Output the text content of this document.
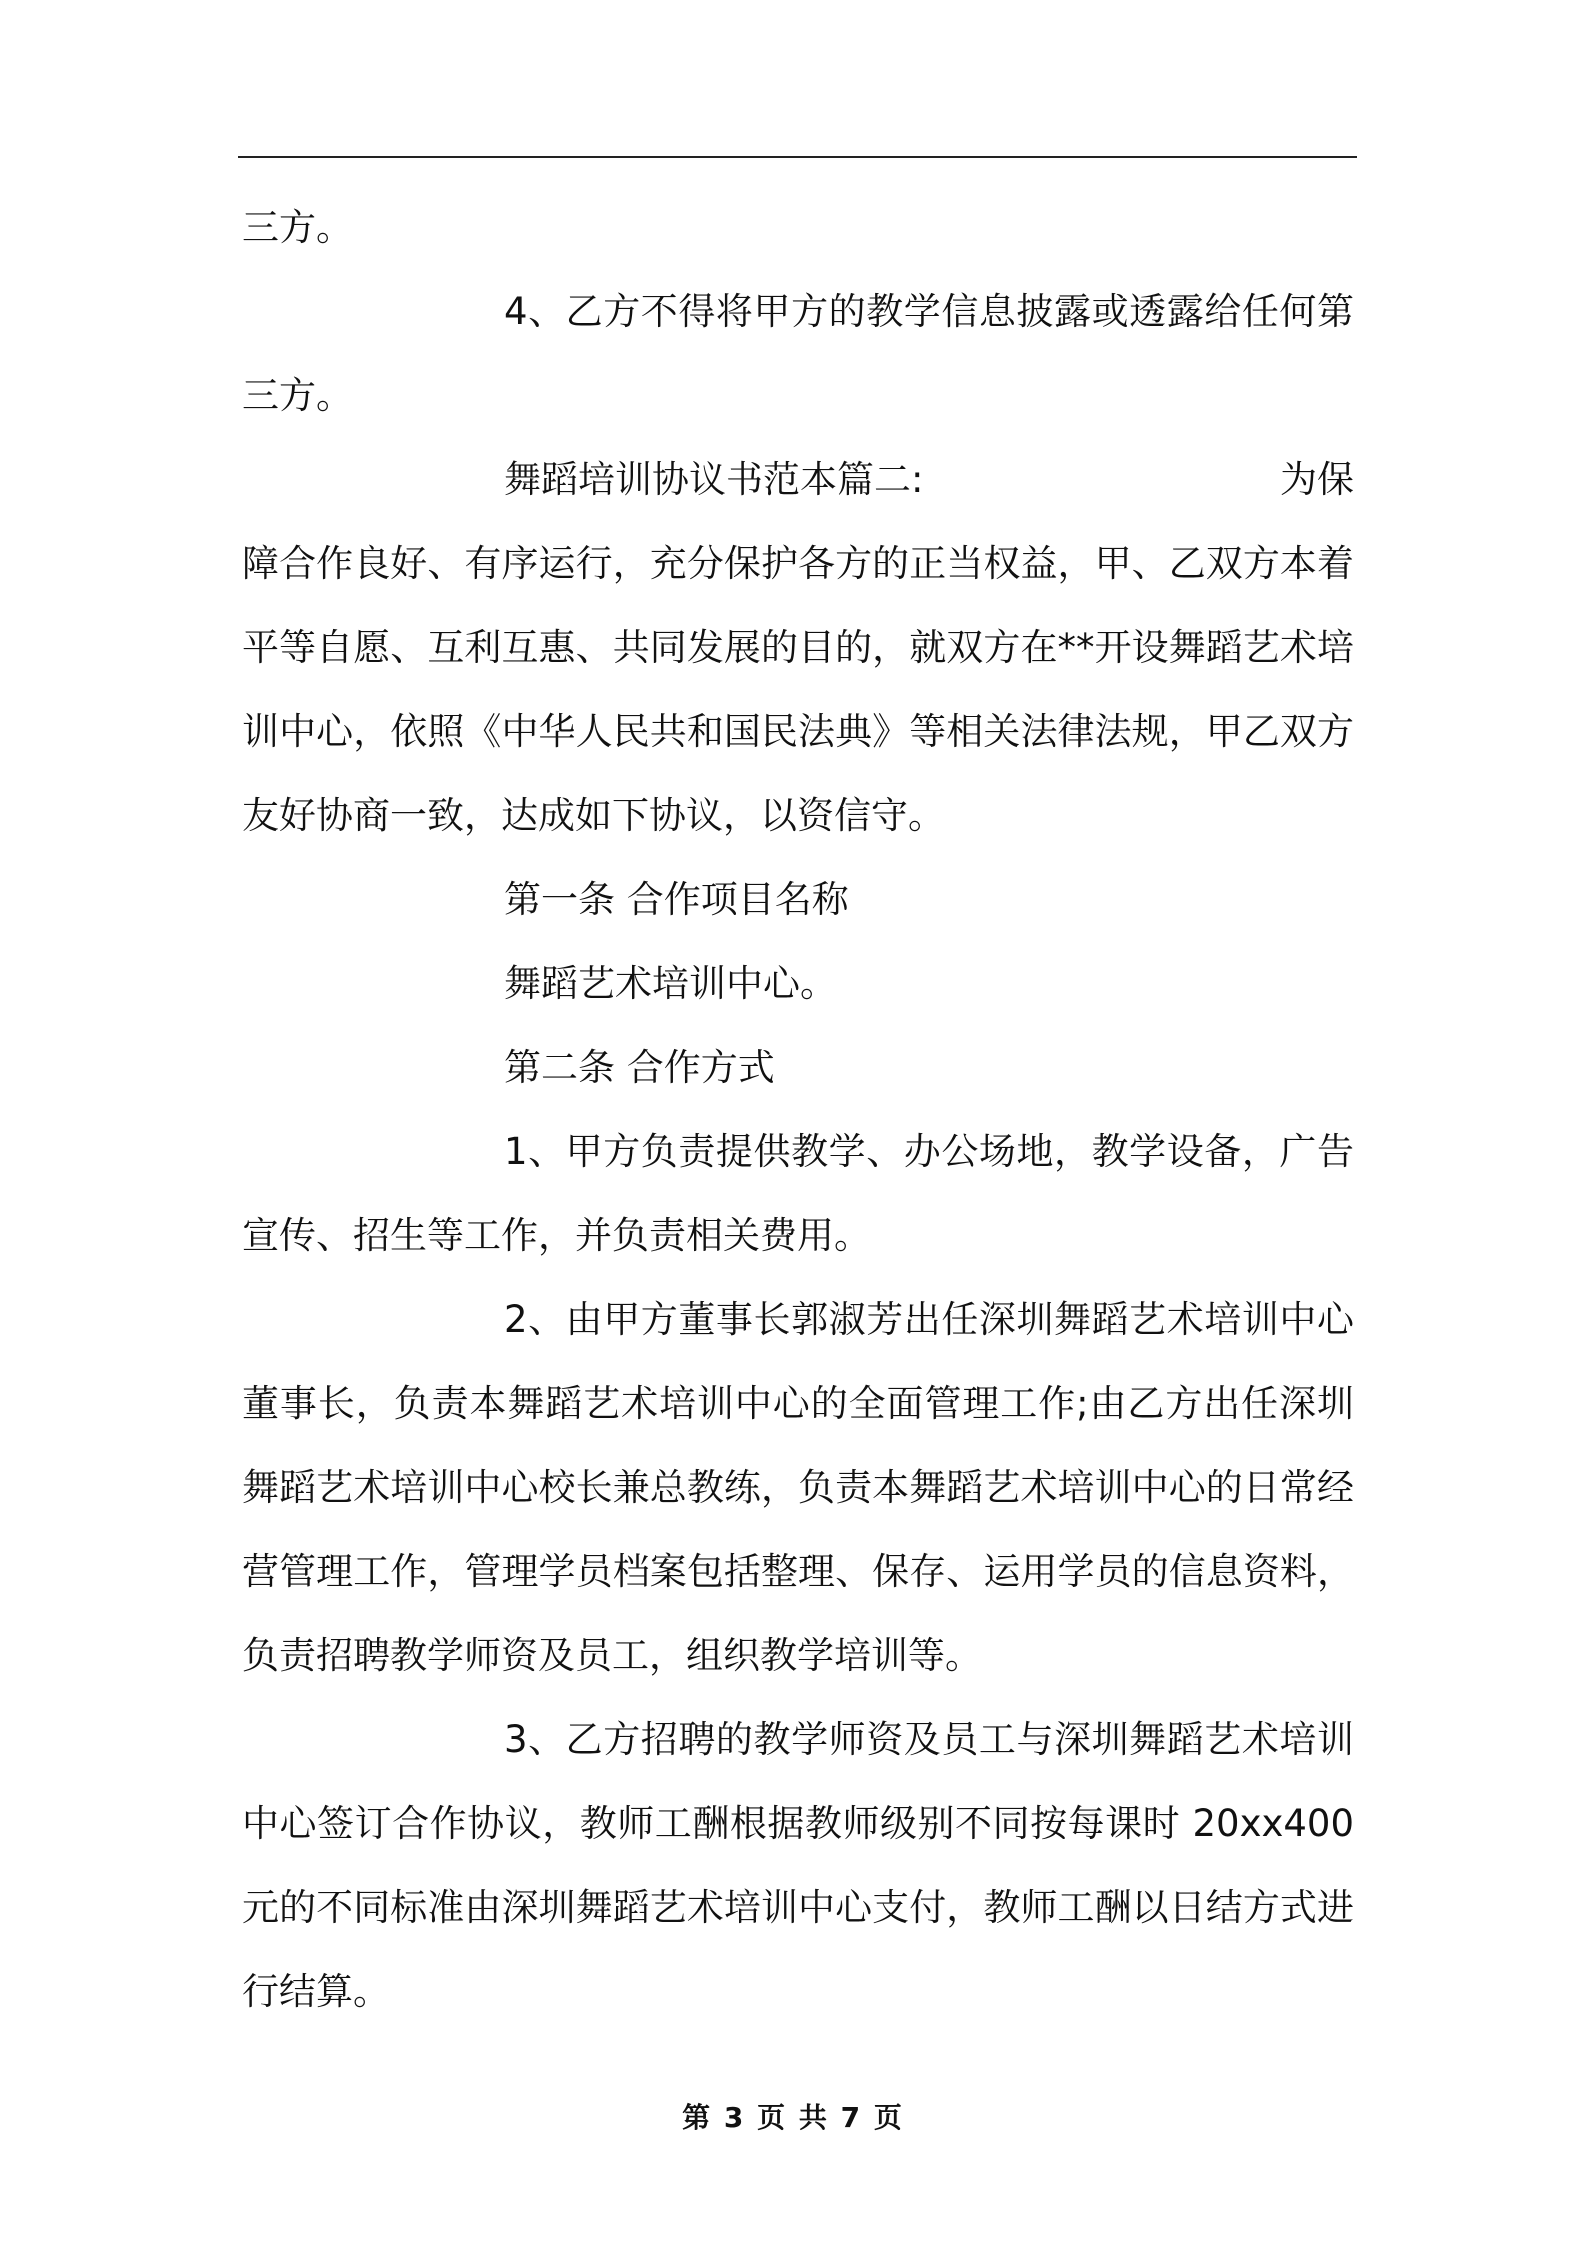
三方。
4、乙方不得将甲方的教学信息披露或透露给任何第
三方。
舞蹈培训协议书范本篇二:	为保
障合作良好、有序运行，充分保护各方的正当权益，甲、乙双方本着
平等自愿、互利互惠、共同发展的目的，就双方在**开设舞蹈艺术培
训中心，依照《中华人民共和国民法典》等相关法律法规，甲乙双方
友好协商一致，达成如下协议，以资信守。
第一条 合作项目名称
舞蹈艺术培训中心。
第二条 合作方式
1、甲方负责提供教学、办公场地，教学设备，广告
宣传、招生等工作，并负责相关费用。
2、由甲方董事长郭淑芳出任深圳舞蹈艺术培训中心
董事长，负责本舞蹈艺术培训中心的全面管理工作;由乙方出任深圳
舞蹈艺术培训中心校长兼总教练，负责本舞蹈艺术培训中心的日常经
营管理工作，管理学员档案包括整理、保存、运用学员的信息资料，
负责招聘教学师资及员工，组织教学培训等。
3、乙方招聘的教学师资及员工与深圳舞蹈艺术培训
中心签订合作协议，教师工酬根据教师级别不同按每课时 20xx400
元的不同标准由深圳舞蹈艺术培训中心支付，教师工酬以日结方式进
行结算。
第 3 页 共 7 页
